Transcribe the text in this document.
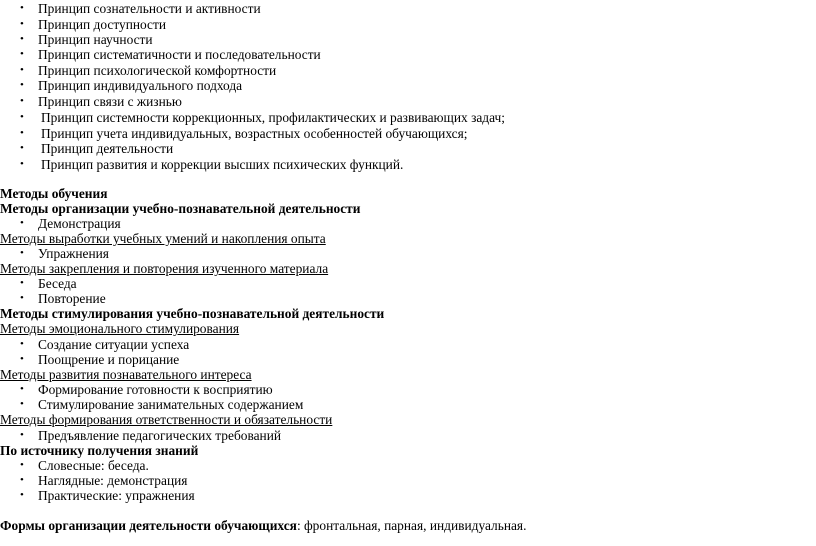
• Принцип сознательности и активности
• Принцип доступности
• Принцип научности
• Принцип систематичности и последовательности
• Принцип психологической комфортности
• Принцип индивидуального подхода
• Принцип связи с жизнью
• Принцип системности коррекционных, профилактических и развивающих задач;
• Принцип учета индивидуальных, возрастных особенностей обучающихся;
• Принцип деятельности
• Принцип развития и коррекции высших психических функций.
Методы обучения
Методы организации учебно-познавательной деятельности
• Демонстрация
Методы выработки учебных умений и накопления опыта
• Упражнения
Методы закрепления и повторения изученного материала
• Беседа
• Повторение
Методы стимулирования учебно-познавательной деятельности
Методы эмоционального стимулирования
• Создание ситуации успеха
• Поощрение и порицание
Методы развития познавательного интереса
• Формирование готовности к восприятию
• Стимулирование занимательных содержанием
Методы формирования ответственности и обязательности
• Предъявление педагогических требований
По источнику получения знаний
• Словесные: беседа.
• Наглядные: демонстрация
• Практические: упражнения
Формы организации деятельности обучающихся: фронтальная, парная, индивидуальная.
